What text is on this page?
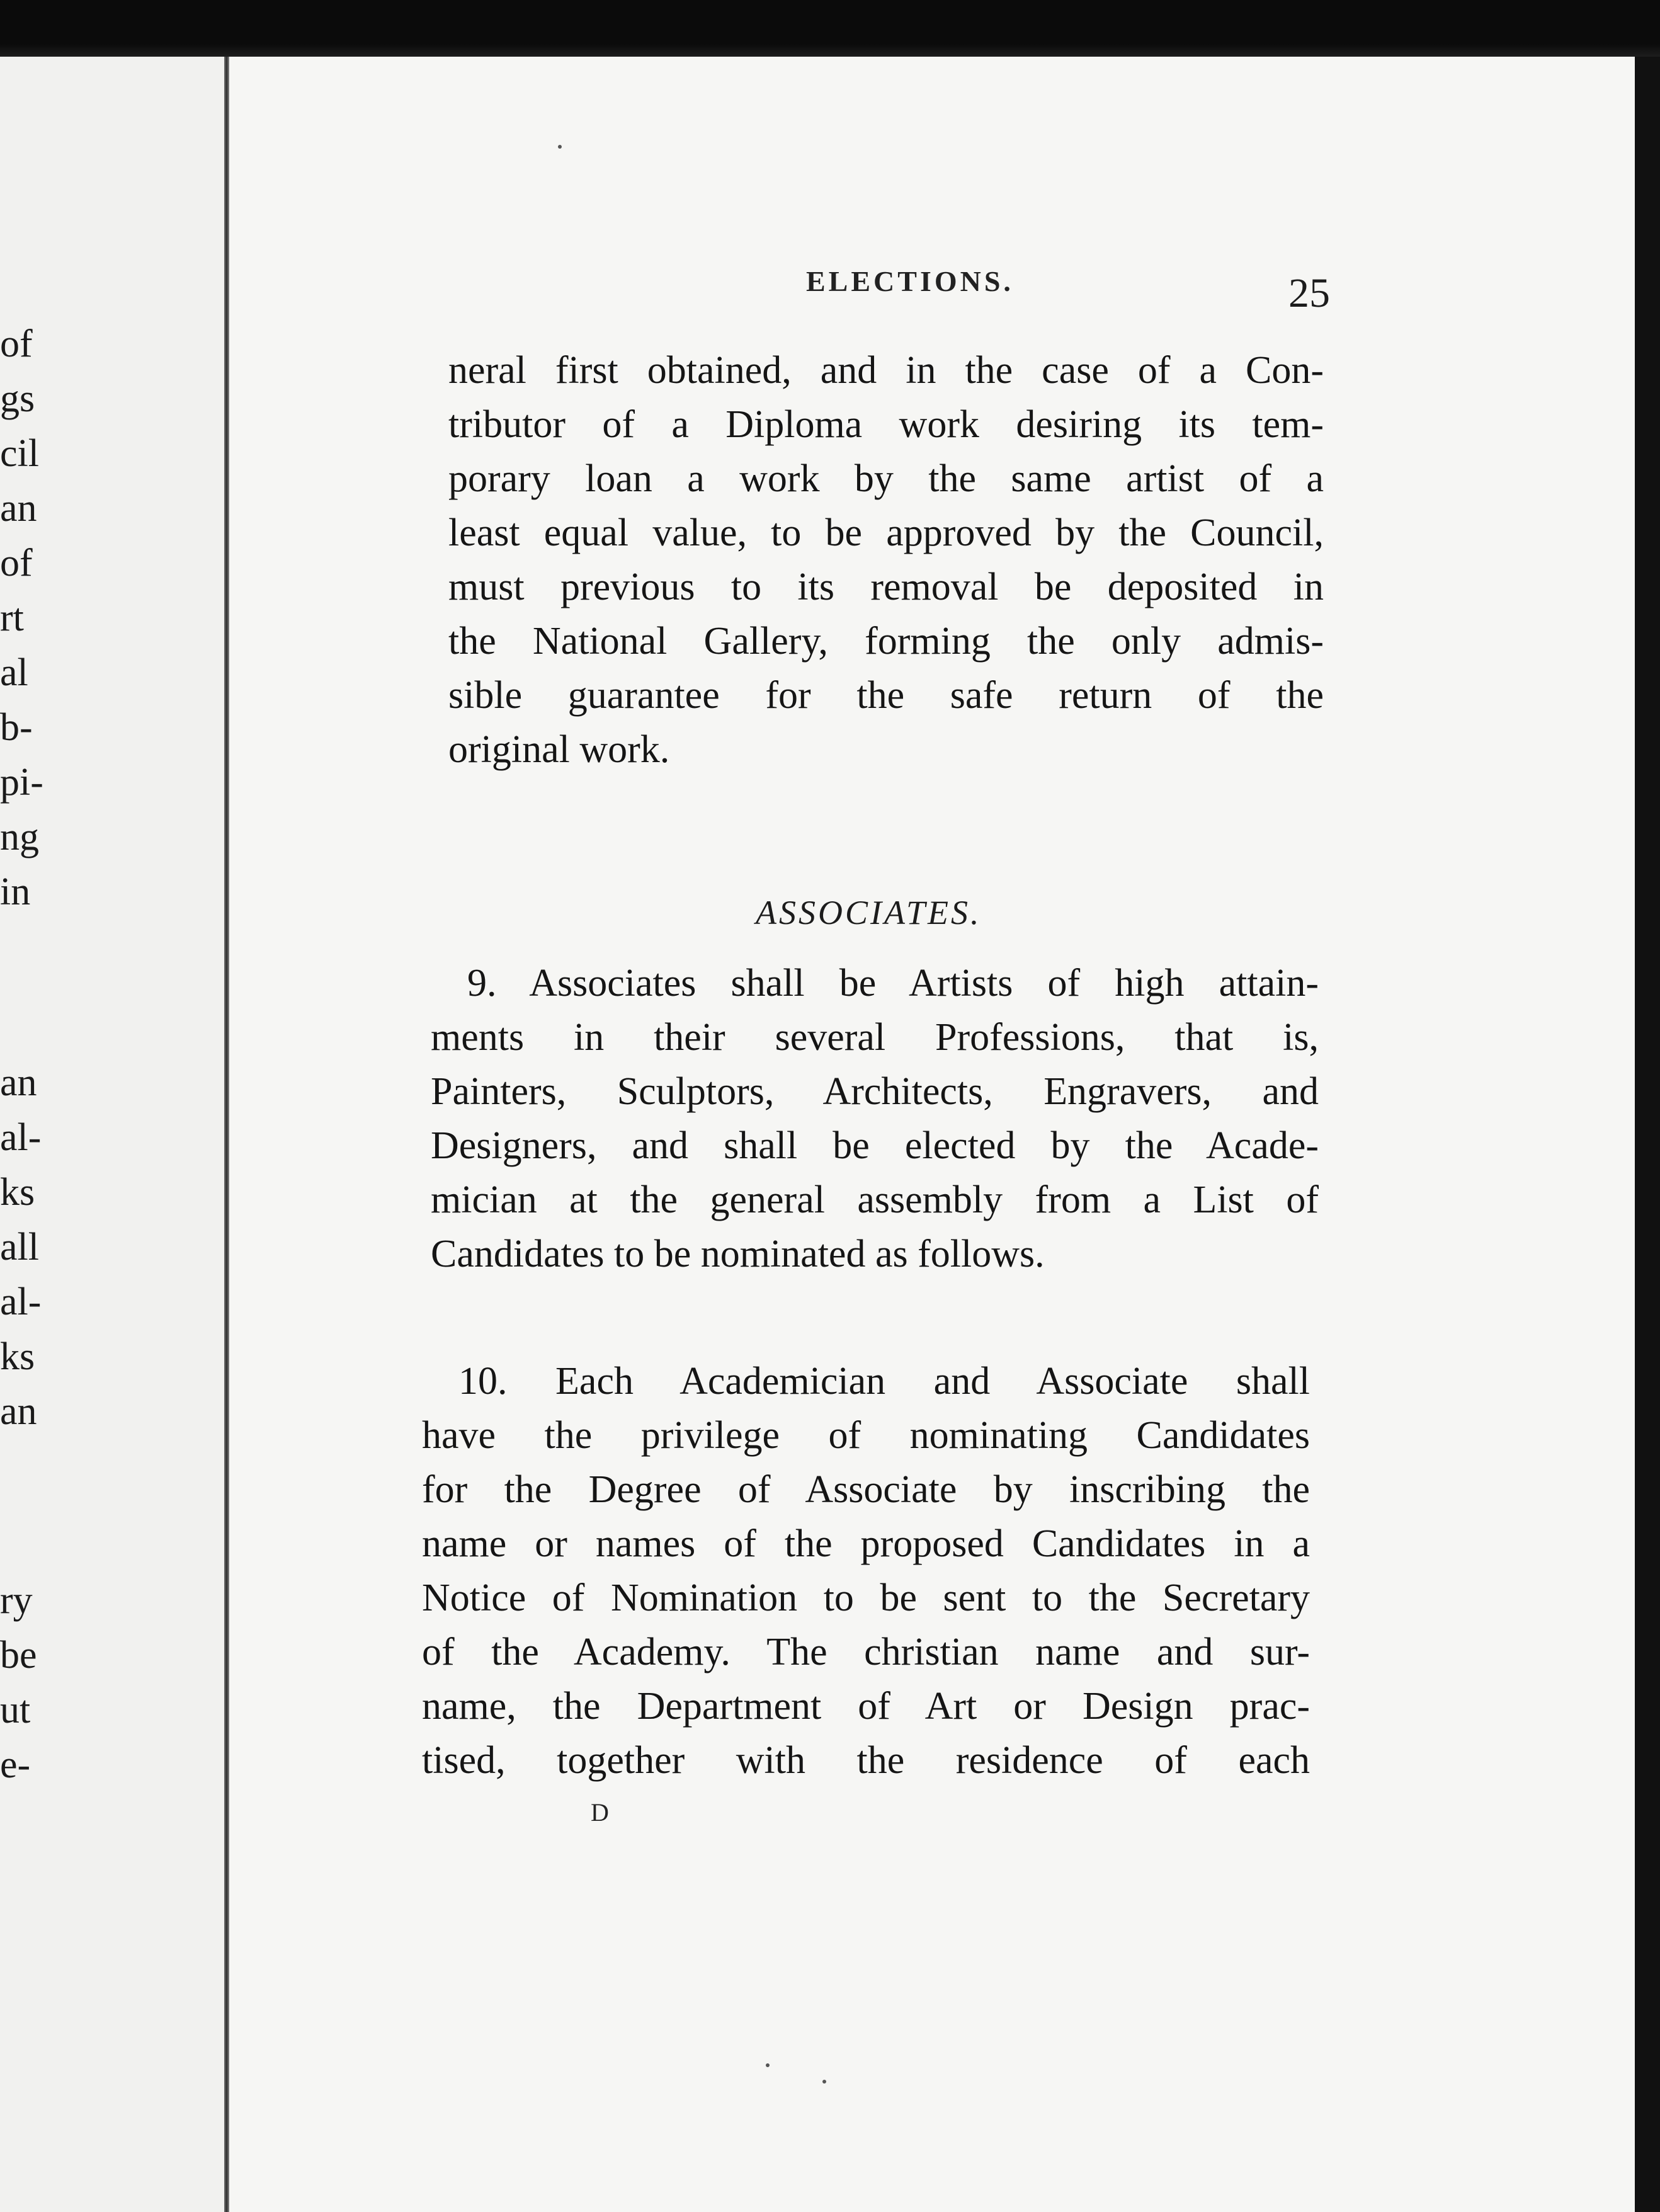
of
gs
cil
an
of
rt
al
b-
pi-
ng
in
an
al-
ks
all
al-
ks
an
ry
be
ut
e-
ELECTIONS.	25
neral first obtained, and in the case of a Con-
tributor of a Diploma work desiring its tem-
porary loan a work by the same artist of a
least equal value, to be approved by the Council,
must previous to its removal be deposited in
the National Gallery, forming the only admis-
sible guarantee for the safe return of the
original work.
ASSOCIATES.
9. Associates shall be Artists of high attain-
ments in their several Professions, that is,
Painters, Sculptors, Architects, Engravers, and
Designers, and shall be elected by the Acade-
mician at the general assembly from a List of
Candidates to be nominated as follows.
10. Each Academician and Associate shall
have the privilege of nominating Candidates
for the Degree of Associate by inscribing the
name or names of the proposed Candidates in a
Notice of Nomination to be sent to the Secretary
of the Academy. The christian name and sur-
name, the Department of Art or Design prac-
tised, together with the residence of each
D
